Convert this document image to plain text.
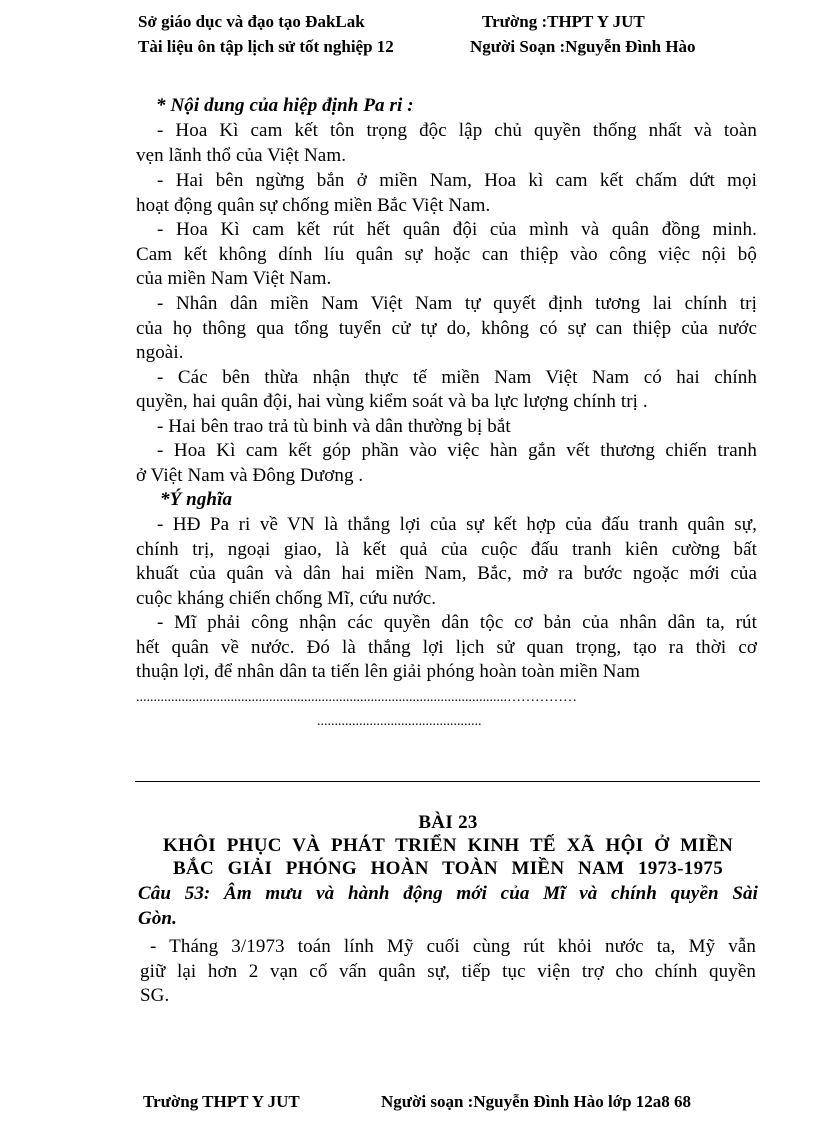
Sở giáo dục và đạo tạo ĐakLak	Trường :THPT Y JUT
Tài liệu ôn tập lịch sử tốt nghiệp 12	Người Soạn :Nguyễn Đình Hào
* Nội dung của hiệp định Pa ri :
- Hoa Kì cam kết tôn trọng độc lập chủ quyền thống nhất và toàn
vẹn lãnh thổ của Việt Nam.
- Hai bên ngừng bắn ở miền Nam, Hoa kì cam kết chấm dứt mọi
hoạt động quân sự chống miền Bắc Việt Nam.
- Hoa Kì cam kết rút hết quân đội của mình và quân đồng minh.
Cam kết không dính líu quân sự hoặc can thiệp vào công việc nội bộ
của miền Nam Việt Nam.
- Nhân dân miền Nam Việt Nam tự quyết định tương lai chính trị
của họ thông qua tổng tuyển cử tự do, không có sự can thiệp của nước
ngoài.
- Các bên thừa nhận thực tế miền Nam Việt Nam có hai chính
quyền, hai quân đội, hai vùng kiểm soát và ba lực lượng chính trị .
- Hai bên trao trả tù binh và dân thường bị bắt
- Hoa Kì cam kết góp phần vào việc hàn gắn vết thương chiến tranh
ở Việt Nam và Đông Dương .
*Ý nghĩa
- HĐ Pa ri về VN là thắng lợi của sự kết hợp của đấu tranh quân sự,
chính trị, ngoại giao, là kết quả của cuộc đấu tranh kiên cường bất
khuất của quân và dân hai miền Nam, Bắc, mở ra bước ngoặc mới của
cuộc kháng chiến chống Mĩ, cứu nước.
- Mĩ phải công nhận các quyền dân tộc cơ bản của nhân dân ta, rút
hết quân về nước. Đó là thắng lợi lịch sử quan trọng, tạo ra thời cơ
thuận lợi, để nhân dân ta tiến lên giải phóng hoàn toàn miền Nam
..........................................................................................................……………
...............................................
BÀI 23
KHÔI PHỤC VÀ PHÁT TRIỂN KINH TẾ XÃ HỘI Ở MIỀN
BẮC GIẢI PHÓNG HOÀN TOÀN MIỀN NAM 1973-1975
Câu 53: Âm mưu và hành động mới của Mĩ và chính quyền Sài
Gòn.
- Tháng 3/1973 toán lính Mỹ cuối cùng rút khỏi nước ta, Mỹ vẫn
giữ lại hơn 2 vạn cố vấn quân sự, tiếp tục viện trợ cho chính quyền
SG.
Trường THPT Y JUT	Người soạn :Nguyễn Đình Hào lớp 12a8 68
